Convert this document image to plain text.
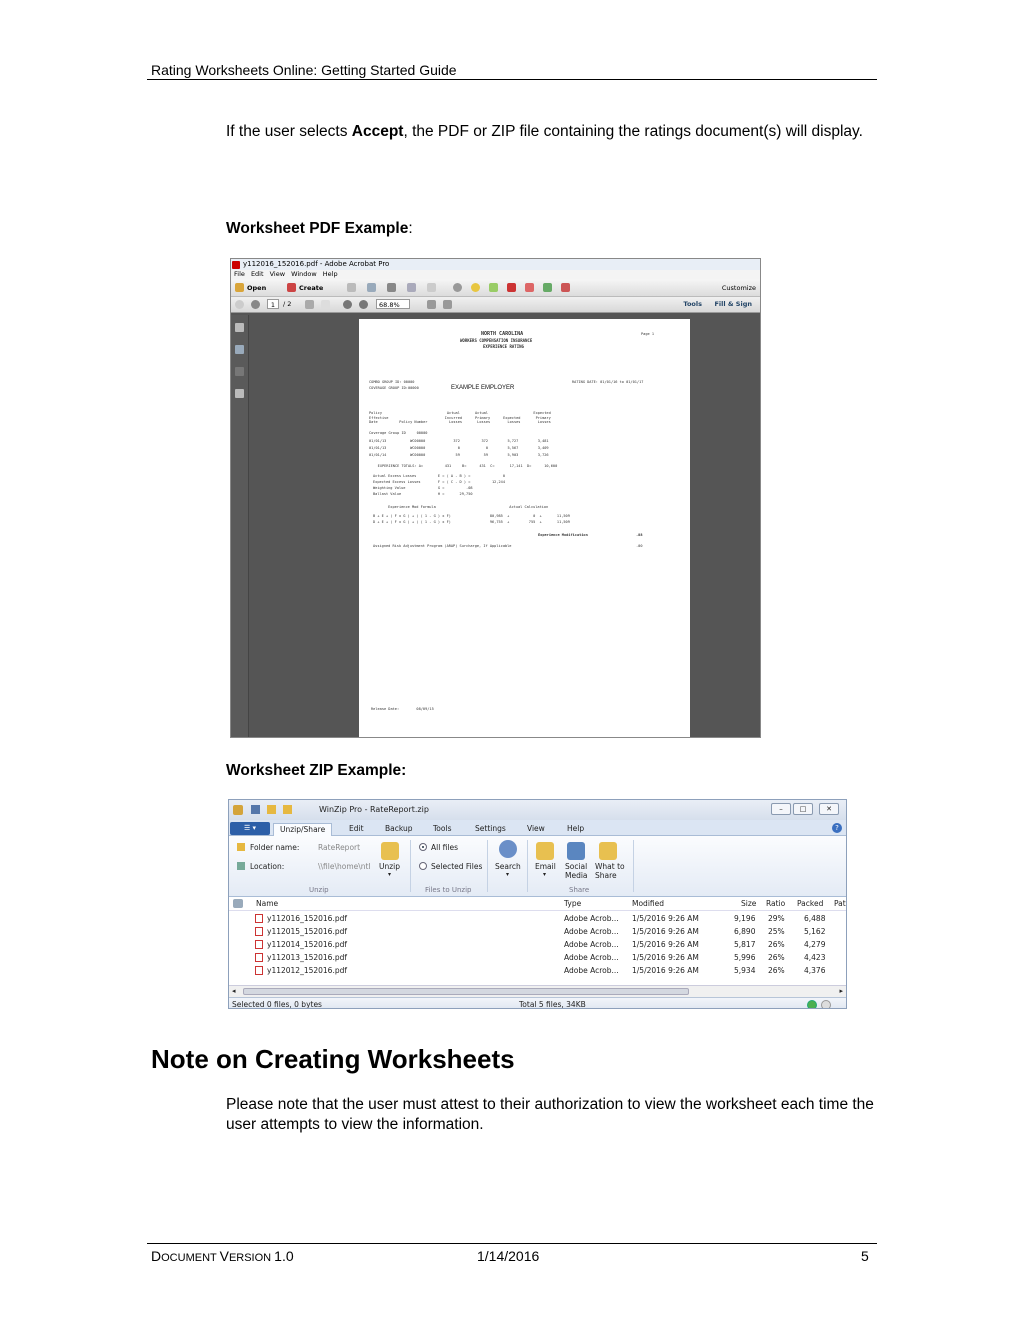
Rating Worksheets Online: Getting Started Guide
If the user selects Accept, the PDF or ZIP file containing the ratings document(s) will display.
Worksheet PDF Example:
y112016_152016.pdf - Adobe Acrobat Pro
File Edit View Window Help
Open	Create	Customize
1	/ 2	68.8%	Tools Fill & Sign
NORTH CAROLINA
WORKERS COMPENSATION INSURANCE
EXPERIENCE RATING
Page 1
COMBO GROUP ID: 00000
COVERAGE GROUP ID:00000	EXAMPLE EMPLOYER
RATING DATE: 01/01/16 to 01/01/17
Policy                              Actual       Actual                     Expected
Effective                          Incurred      Primary      Expected       Primary
Date          Policy Number          Losses       Losses        Losses        Losses
Coverage Group ID     00000
01/01/13           WC00000             372          372         5,727         3,481
01/01/13           WC00000               0            0         5,567         3,409
01/01/14           WC00000              59           59         5,903         3,726
EXPERIENCE TOTALS: A=          431     B=      431  C=       17,141  D=      10,600
Actual Excess Losses          E = ( A - B ) =               0
Expected Excess Losses        F = ( C - D ) =          12,244
Weighting Value               G =          .08
Ballast Value                 H =       29,750
Experience Mod Formula                                  Actual Calculation
B + E + ( F x G ) + ( ( 1 - G ) x F)                  80,985  +           0  +       11,509
D + E + ( F x G ) + ( ( 1 - G ) x F)                  96,755  +         755  +       11,509
Experience Modification	.88
Assigned Risk Adjustment Program (ARAP) Surcharge, If Applicable	.00
Release Date:        08/09/15
Worksheet ZIP Example:
WinZip Pro - RateReport.zip	–	□	✕
☰ ▾	Unzip/Share	Edit	Backup	Tools	Settings	View	Help	?
Folder name: RateReport
Location:	\\file\home\ntl Unzip
▾
Unzip
All files
Selected Files
Files to Unzip
Search
▾
Email
▾
Social Media
What to Share
Share
Name	Type	Modified	Size Ratio Packed Pat
y112016_152016.pdf	Adobe Acrob... 1/5/2016 9:26 AM	9,196 29%	6,488
y112015_152016.pdf	Adobe Acrob... 1/5/2016 9:26 AM	6,890 25%	5,162
y112014_152016.pdf	Adobe Acrob... 1/5/2016 9:26 AM	5,817 26%	4,279
y112013_152016.pdf	Adobe Acrob... 1/5/2016 9:26 AM	5,996 26%	4,423
y112012_152016.pdf	Adobe Acrob... 1/5/2016 9:26 AM	5,934 26%	4,376
◂	▸
Selected 0 files, 0 bytes	Total 5 files, 34KB
Note on Creating Worksheets
Please note that the user must attest to their authorization to view the worksheet each time the user attempts to view the information.
DOCUMENT VERSION 1.0	1/14/2016	5
